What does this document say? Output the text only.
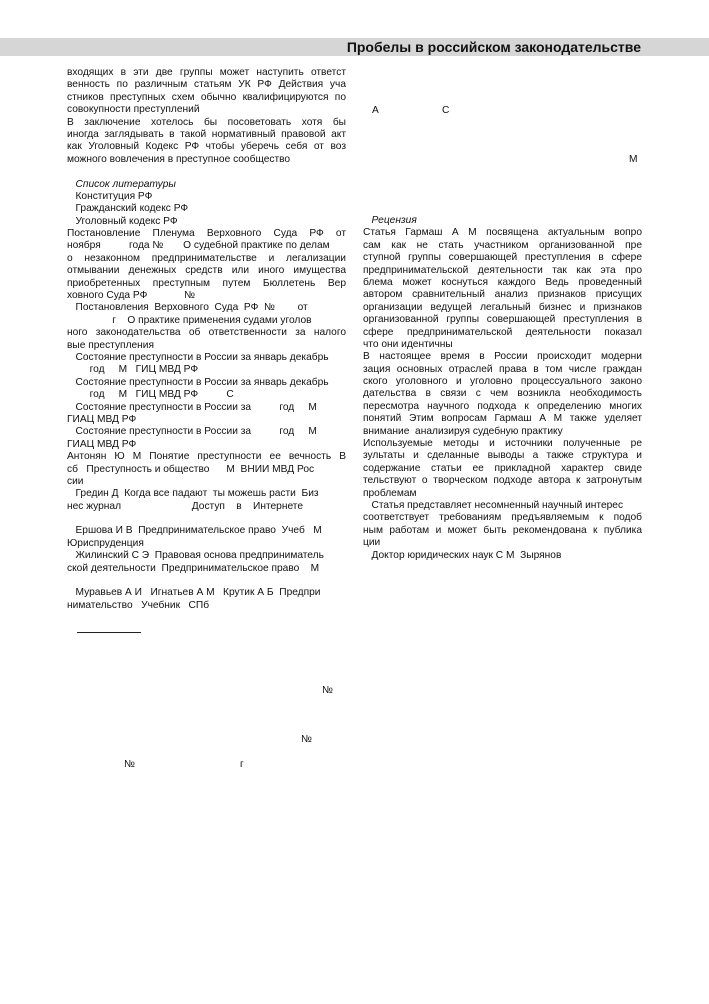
Пробелы в российском законодательстве
входящих в эти две группы может наступить ответст
венность по различным статьям УК РФ Действия уча
стников преступных схем обычно квалифицируются по
совокупности преступлений
В заключение хотелось бы посоветовать хотя бы
иногда заглядывать в такой нормативный правовой акт
как Уголовный Кодекс РФ чтобы уберечь себя от воз
можного вовлечения в преступное сообщество
Список литературы
Конституция РФ
Гражданский кодекс РФ
Уголовный кодекс РФ
Постановление Пленума Верховного Суда РФ от
ноября          года №       О судебной практике по делам
о незаконном предпринимательстве и легализации
отмывании денежных средств или иного имущества
приобретенных преступным путем Бюллетень Вер
ховного Суда РФ             №
Постановления  Верховного  Суда  РФ  №        от
г    О практике применения судами уголов
ного законодательства об ответственности за налого
вые преступления
Состояние преступности в России за январь декабрь
год     М   ГИЦ МВД РФ
Состояние преступности в России за январь декабрь
год     М   ГИЦ МВД РФ          С
Состояние преступности в России за          год     М
ГИАЦ МВД РФ
Состояние преступности в России за          год     М
ГИАЦ МВД РФ
Антонян Ю М Понятие преступности ее вечность В
сб   Преступность и общество      М  ВНИИ МВД Рос
сии
Гредин Д  Когда все падают  ты можешь расти  Биз
нес журнал                         Доступ    в    Интернете
Ершова И В  Предпринимательское право  Учеб   М
Юриспруденция
Жилинский С Э  Правовая основа предприниматель
ской деятельности  Предпринимательское право    М
Муравьев А И   Игнатьев А М   Крутик А Б  Предпри
нимательство   Учебник   СПб
Рецензия
Статья Гармаш А М посвящена актуальным вопро
сам как не стать участником организованной пре
ступной группы совершающей преступления в сфере
предпринимательской деятельности так как эта про
блема может коснуться каждого Ведь проведенный
автором сравнительный анализ признаков присущих
организации ведущей легальный бизнес и признаков
организованной группы совершающей преступления в
сфере предпринимательской деятельности показал
что они идентичны
В настоящее время в России происходит модерни
зация основных отраслей права в том числе граждан
ского уголовного и уголовно процессуального законо
дательства в связи с чем возникла необходимость
пересмотра научного подхода к определению многих
понятий Этим вопросам Гармаш А М также уделяет
внимание  анализируя судебную практику
Используемые методы и источники полученные ре
зультаты и сделанные выводы а также структура и
содержание статьи ее прикладной характер свиде
тельствуют о творческом подходе автора к затронутым
проблемам
Статья представляет несомненный научный интерес
соответствует требованиям предъявляемым к подоб
ным работам и может быть рекомендована к публика
ции
Доктор юридических наук С М  Зырянов
А	С
М
№
№
№	г
